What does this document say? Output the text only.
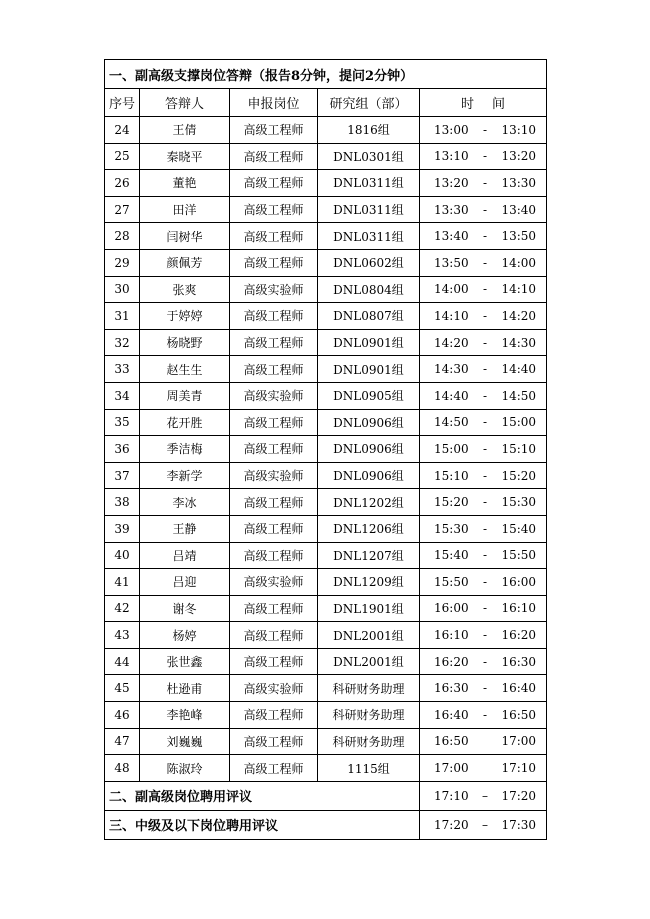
一、副高级支撑岗位答辩（报告8分钟，提问2分钟）				
序号	答辩人	申报岗位	研究组（部）	时 间
24	王倩	高级工程师	1816组	13:00 - 13:10

25	秦晓平	高级工程师	DNL0301组	13:10 - 13:20

26	董艳	高级工程师	DNL0311组	13:20 - 13:30

27	田洋	高级工程师	DNL0311组	13:30 - 13:40

28	闫树华	高级工程师	DNL0311组	13:40 - 13:50

29	颜佩芳	高级工程师	DNL0602组	13:50 - 14:00

30	张爽	高级实验师	DNL0804组	14:00 - 14:10

31	于婷婷	高级工程师	DNL0807组	14:10 - 14:20

32	杨晓野	高级工程师	DNL0901组	14:20 - 14:30

33	赵生生	高级工程师	DNL0901组	14:30 - 14:40

34	周美青	高级实验师	DNL0905组	14:40 - 14:50

35	花开胜	高级工程师	DNL0906组	14:50 - 15:00

36	季洁梅	高级工程师	DNL0906组	15:00 - 15:10

37	李新学	高级实验师	DNL0906组	15:10 - 15:20

38	李冰	高级工程师	DNL1202组	15:20 - 15:30

39	王静	高级工程师	DNL1206组	15:30 - 15:40

40	吕靖	高级工程师	DNL1207组	15:40 - 15:50

41	吕迎	高级实验师	DNL1209组	15:50 - 16:00

42	谢冬	高级工程师	DNL1901组	16:00 - 16:10

43	杨婷	高级工程师	DNL2001组	16:10 - 16:20

44	张世鑫	高级工程师	DNL2001组	16:20 - 16:30

45	杜逊甫	高级实验师	科研财务助理	16:30 - 16:40

46	李艳峰	高级工程师	科研财务助理	16:40 - 16:50

47	刘巍巍	高级工程师	科研财务助理	16:50 17:00

48	陈淑玲	高级工程师	1115组	17:00 17:10

二、副高级岗位聘用评议				17:10 – 17:20

三、中级及以下岗位聘用评议				17:20 – 17:30
